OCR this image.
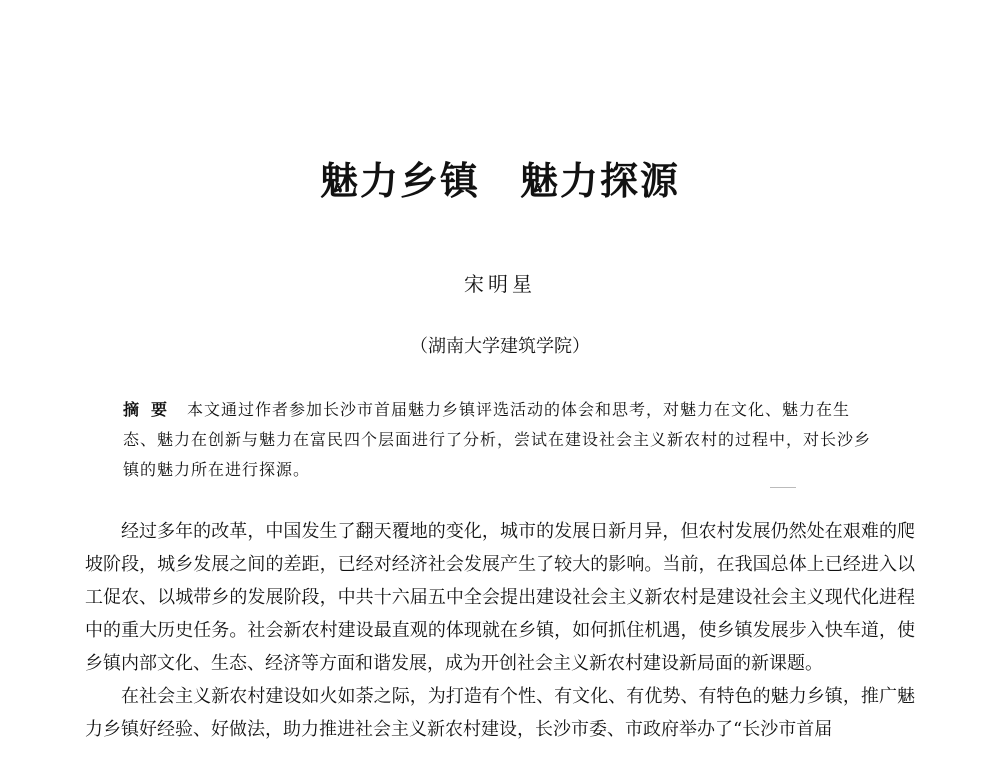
魅力乡镇 魅力探源
宋明星
（湖南大学建筑学院）
摘要 本文通过作者参加长沙市首届魅力乡镇评选活动的体会和思考，对魅力在文化、魅力在生态、魅力在创新与魅力在富民四个层面进行了分析，尝试在建设社会主义新农村的过程中，对长沙乡镇的魅力所在进行探源。

经过多年的改革，中国发生了翻天覆地的变化，城市的发展日新月异，但农村发展仍然处在艰难的爬坡阶段，城乡发展之间的差距，已经对经济社会发展产生了较大的影响。当前，在我国总体上已经进入以工促农、以城带乡的发展阶段，中共十六届五中全会提出建设社会主义新农村是建设社会主义现代化进程中的重大历史任务。社会新农村建设最直观的体现就在乡镇，如何抓住机遇，使乡镇发展步入快车道，使乡镇内部文化、生态、经济等方面和谐发展，成为开创社会主义新农村建设新局面的新课题。

在社会主义新农村建设如火如荼之际，为打造有个性、有文化、有优势、有特色的魅力乡镇，推广魅力乡镇好经验、好做法，助力推进社会主义新农村建设，长沙市委、市政府举办了“长沙市首届
